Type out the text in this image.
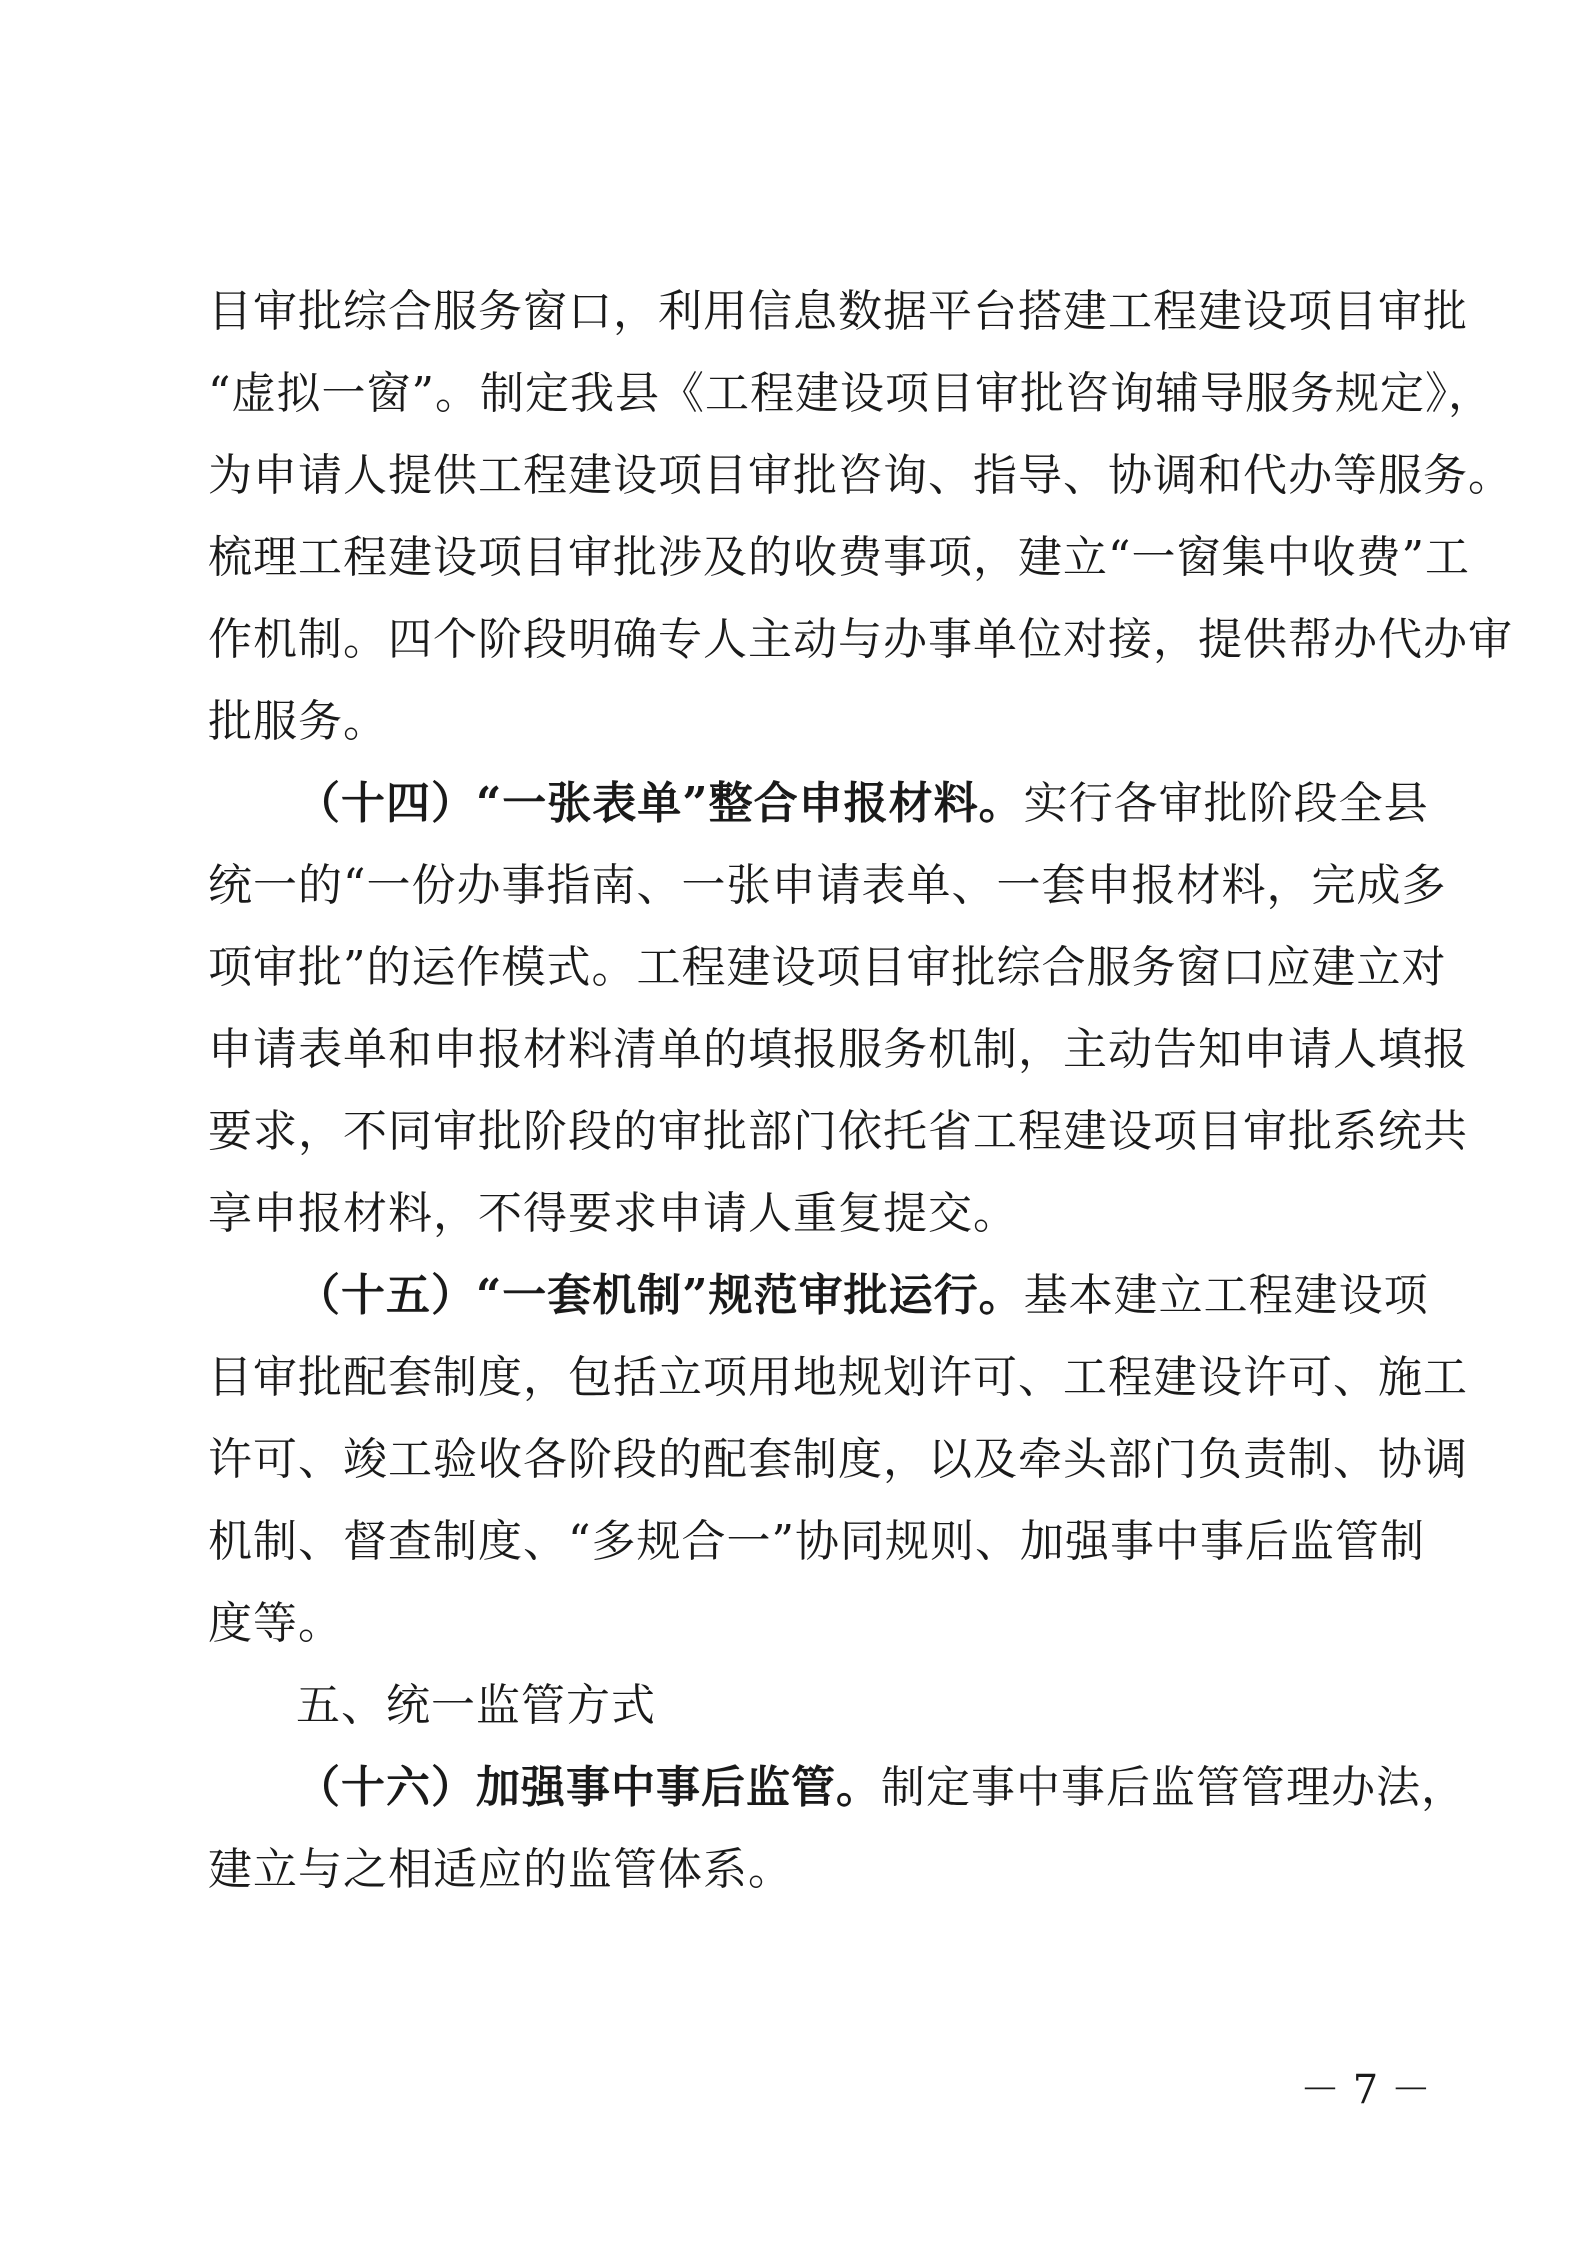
目审批综合服务窗口，利用信息数据平台搭建工程建设项目审批
“虚拟一窗”。制定我县《工程建设项目审批咨询辅导服务规定》，
为申请人提供工程建设项目审批咨询、指导、协调和代办等服务。
梳理工程建设项目审批涉及的收费事项，建立“一窗集中收费”工
作机制。四个阶段明确专人主动与办事单位对接，提供帮办代办审
批服务。
（十四）“一张表单”整合申报材料。实行各审批阶段全县
统一的“一份办事指南、一张申请表单、一套申报材料，完成多
项审批”的运作模式。工程建设项目审批综合服务窗口应建立对
申请表单和申报材料清单的填报服务机制，主动告知申请人填报
要求，不同审批阶段的审批部门依托省工程建设项目审批系统共
享申报材料，不得要求申请人重复提交。
（十五）“一套机制”规范审批运行。基本建立工程建设项
目审批配套制度，包括立项用地规划许可、工程建设许可、施工
许可、竣工验收各阶段的配套制度，以及牵头部门负责制、协调
机制、督查制度、“多规合一”协同规则、加强事中事后监管制
度等。
五、统一监管方式
（十六）加强事中事后监管。制定事中事后监管管理办法，
建立与之相适应的监管体系。
－ 7 －
